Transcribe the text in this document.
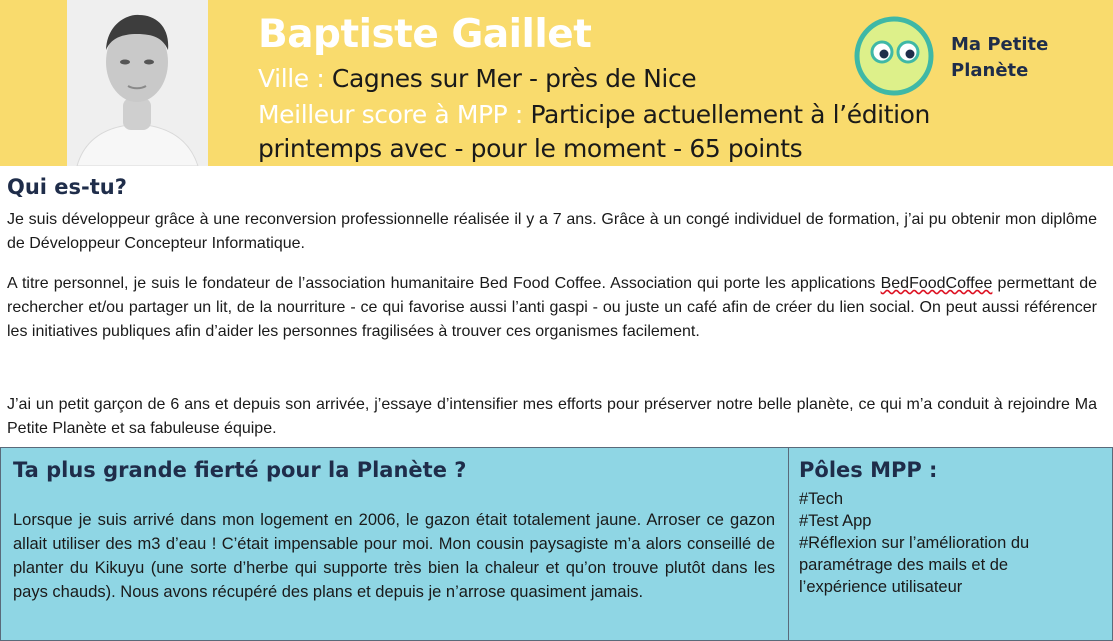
Baptiste Gaillet
Ville : Cagnes sur Mer - près de Nice
Meilleur score à MPP : Participe actuellement à l’édition
printemps avec - pour le moment - 65 points
Ma Petite
Planète
Qui es-tu?
Je suis développeur grâce à une reconversion professionnelle réalisée il y a 7 ans. Grâce à un congé individuel de formation, j’ai pu obtenir mon diplôme de Développeur Concepteur Informatique.
A titre personnel, je suis le fondateur de l’association humanitaire Bed Food Coffee. Association qui porte les applications BedFoodCoffee permettant de rechercher et/ou partager un lit, de la nourriture - ce qui favorise aussi l’anti gaspi - ou juste un café afin de créer du lien social. On peut aussi référencer les initiatives publiques afin d’aider les personnes fragilisées à trouver ces organismes facilement.
J’ai un petit garçon de 6 ans et depuis son arrivée, j’essaye d’intensifier mes efforts pour préserver notre belle planète, ce qui m’a conduit à rejoindre Ma Petite Planète et sa fabuleuse équipe.
Ta plus grande fierté pour la Planète ?
Lorsque je suis arrivé dans mon logement en 2006, le gazon était totalement jaune. Arroser ce gazon allait utiliser des m3 d’eau ! C’était impensable pour moi. Mon cousin paysagiste m’a alors conseillé de planter du Kikuyu (une sorte d’herbe qui supporte très bien la chaleur et qu’on trouve plutôt dans les pays chauds). Nous avons récupéré des plans et depuis je n’arrose quasiment jamais.
Pôles MPP :
#Tech
#Test App
#Réflexion sur l’amélioration du paramétrage des mails et de l’expérience utilisateur
